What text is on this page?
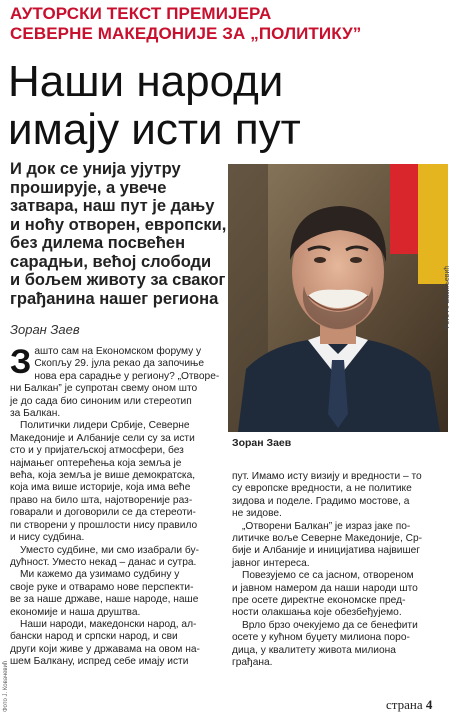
АУТОРСКИ ТЕКСТ ПРЕМИЈЕРА
СЕВЕРНЕ МАКЕДОНИЈЕ ЗА „ПОЛИТИКУ”
Наши народи
имају исти пут
И док се унија ујутру
проширује, а увече
затвара, наш пут је дању
и ноћу отворен, европски,
без дилема посвећен
сарадњи, већој слободи
и бољем животу за сваког
грађанина нашег региона
Зоран Заев	Фото А. Васиљевић
Зоран Заев
З ашто сам на Економском форуму у
Скопљу 29. јула рекао да започиње
нова ера сарадње у региону? „Отворе-
ни Балкан” је супротан свему оном што
је до сада био синоним или стереотип
за Балкан.
Политички лидери Србије, Северне
Македоније и Албаније сели су за исти
сто и у пријатељској атмосфери, без
најмањег оптерећења која земља је
већа, која земља је више демократска,
која има више историје, која има веће
право на било шта, најотвореније раз-
говарали и договорили се да стереоти-
пи створени у прошлости нису правило
и нису судбина.
Уместо судбине, ми смо изабрали бу-
дућност. Уместо некад – данас и сутра.
Ми кажемо да узимамо судбину у
своје руке и отварамо нове перспекти-
ве за наше државе, наше народе, наше
економије и наша друштва.
Наши народи, македонски народ, ал-
бански народ и српски народ, и сви
други који живе у државама на овом на-
шем Балкану, испред себе имају исти
пут. Имамо исту визију и вредности – то
су европске вредности, а не политике
зидова и поделе. Градимо мостове, а
не зидове.
„Отворени Балкан” је израз јаке по-
литичке воље Северне Македоније, Ср-
бије и Албаније и иницијатива највишег
јавног интереса.
Повезујемо се са јасном, отвореном
и јавном намером да наши народи што
пре осете директне економске пред-
ности олакшања које обезбеђујемо.
Врло брзо очекујемо да се бенефити
осете у кућном буџету милиона поро-
дица, у квалитету живота милиона
грађана.
страна 4
Фото Ј. Ковачевић
